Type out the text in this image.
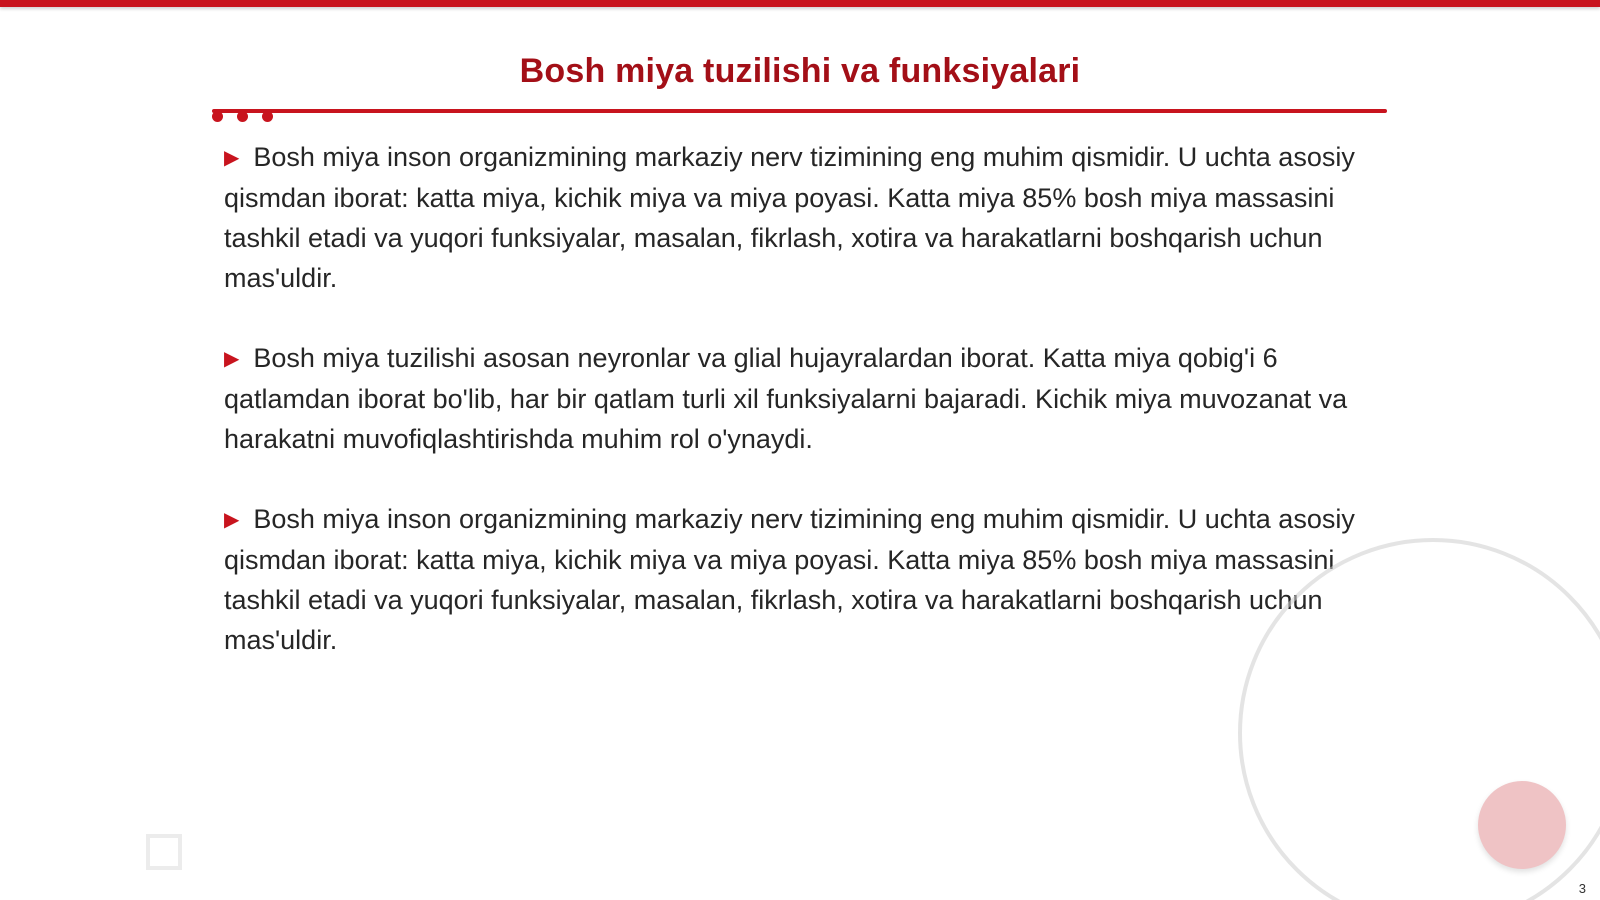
Bosh miya tuzilishi va funksiyalari

▶ Bosh miya inson organizmining markaziy nerv tizimining eng muhim qismidir. U uchta asosiy qismdan iborat: katta miya, kichik miya va miya poyasi. Katta miya 85% bosh miya massasini tashkil etadi va yuqori funksiyalar, masalan, fikrlash, xotira va harakatlarni boshqarish uchun mas'uldir.

▶ Bosh miya tuzilishi asosan neyronlar va glial hujayralardan iborat. Katta miya qobig'i 6 qatlamdan iborat bo'lib, har bir qatlam turli xil funksiyalarni bajaradi. Kichik miya muvozanat va harakatni muvofiqlashtirishda muhim rol o'ynaydi.

▶ Bosh miya inson organizmining markaziy nerv tizimining eng muhim qismidir. U uchta asosiy qismdan iborat: katta miya, kichik miya va miya poyasi. Katta miya 85% bosh miya massasini tashkil etadi va yuqori funksiyalar, masalan, fikrlash, xotira va harakatlarni boshqarish uchun mas'uldir.

3
